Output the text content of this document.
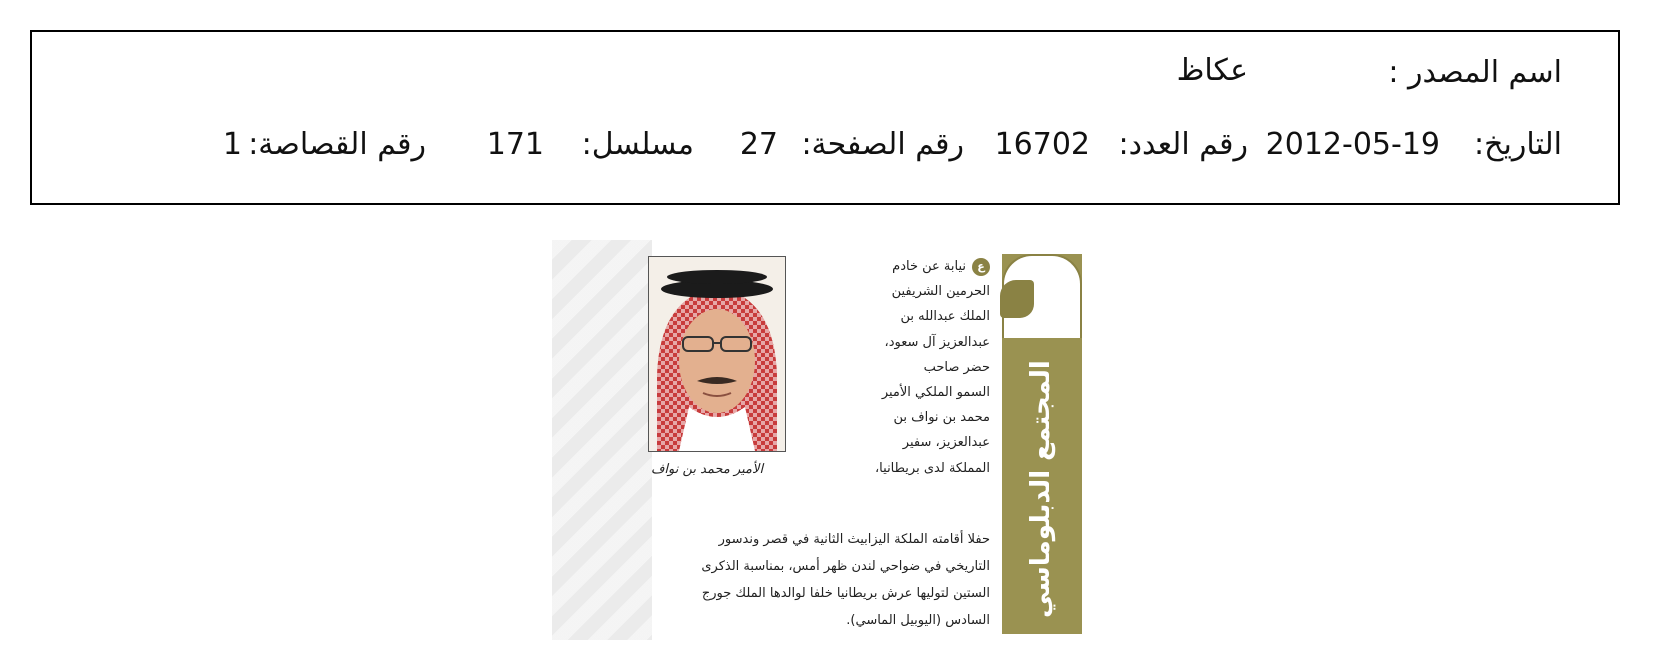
اسم المصدر :
عكاظ
التاريخ:
2012-05-19
رقم العدد:
16702
رقم الصفحة:
27
مسلسل:
171
رقم القصاصة:
1
المجتمع الدبلوماسي
عنيابة عن خادم
الحرمين الشريفين
الملك عبدالله بن
عبدالعزيز آل سعود،
حضر صاحب
السمو الملكي الأمير
محمد بن نواف بن
عبدالعزيز، سفير
المملكة لدى بريطانيا،
حفلا أقامته الملكة اليزابيث الثانية في قصر وندسور
التاريخي في ضواحي لندن ظهر أمس، بمناسبة الذكرى
الستين لتوليها عرش بريطانيا خلفا لوالدها الملك جورج
السادس (اليوبيل الماسي).
الأمير محمد بن نواف
